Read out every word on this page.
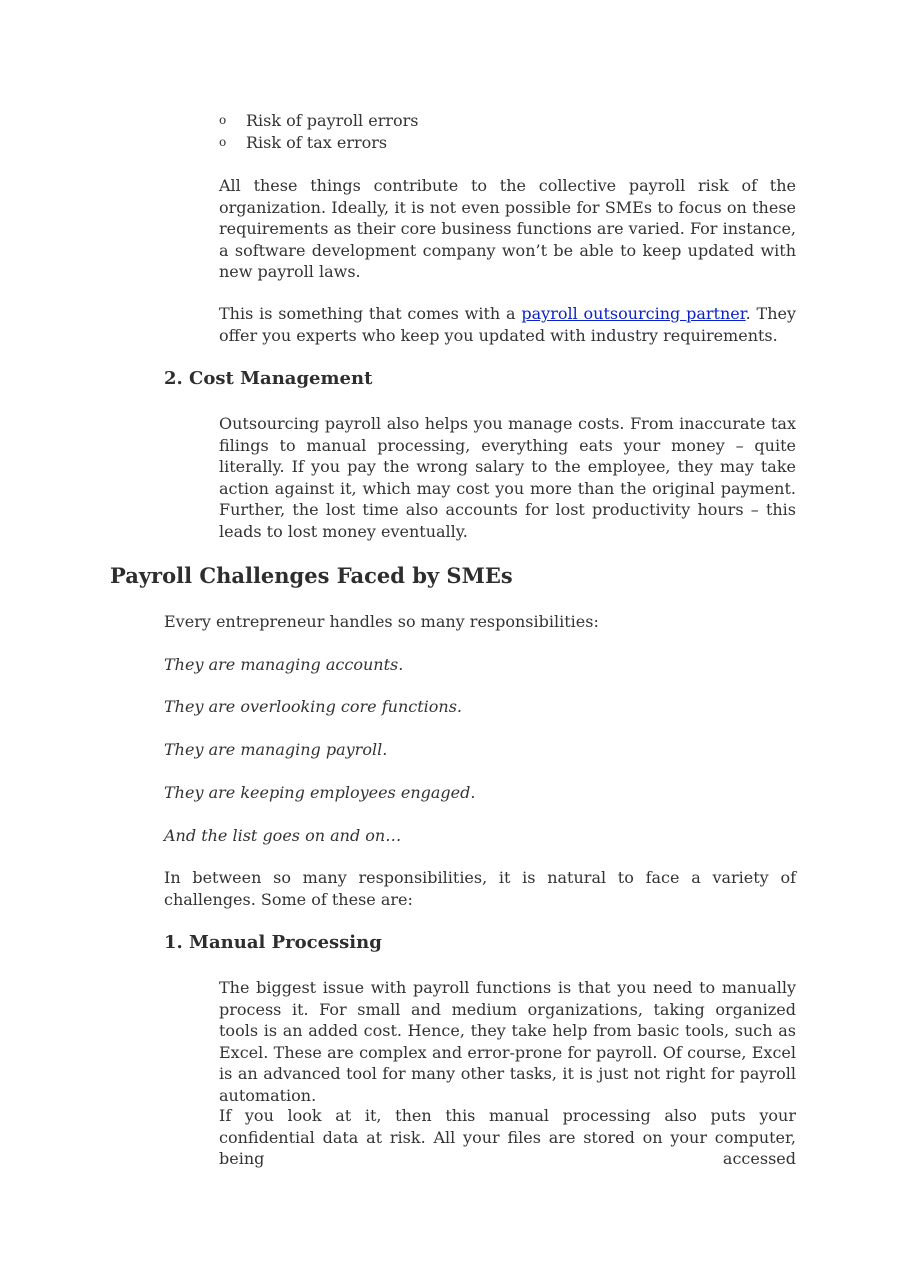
o Risk of payroll errors
o Risk of tax errors

All these things contribute to the collective payroll risk of the organization. Ideally, it is not even possible for SMEs to focus on these requirements as their core business functions are varied. For instance, a software development company won’t be able to keep updated with new payroll laws.

This is something that comes with a payroll outsourcing partner. They offer you experts who keep you updated with industry requirements.

2. Cost Management

Outsourcing payroll also helps you manage costs. From inaccurate tax filings to manual processing, everything eats your money – quite literally. If you pay the wrong salary to the employee, they may take action against it, which may cost you more than the original payment. Further, the lost time also accounts for lost productivity hours – this leads to lost money eventually.

Payroll Challenges Faced by SMEs

Every entrepreneur handles so many responsibilities:

They are managing accounts.

They are overlooking core functions.

They are managing payroll.

They are keeping employees engaged.

And the list goes on and on…

In between so many responsibilities, it is natural to face a variety of challenges. Some of these are:

1. Manual Processing

The biggest issue with payroll functions is that you need to manually process it. For small and medium organizations, taking organized tools is an added cost. Hence, they take help from basic tools, such as Excel. These are complex and error-prone for payroll. Of course, Excel is an advanced tool for many other tasks, it is just not right for payroll automation.

If you look at it, then this manual processing also puts your confidential data at risk. All your files are stored on your computer, being accessed
